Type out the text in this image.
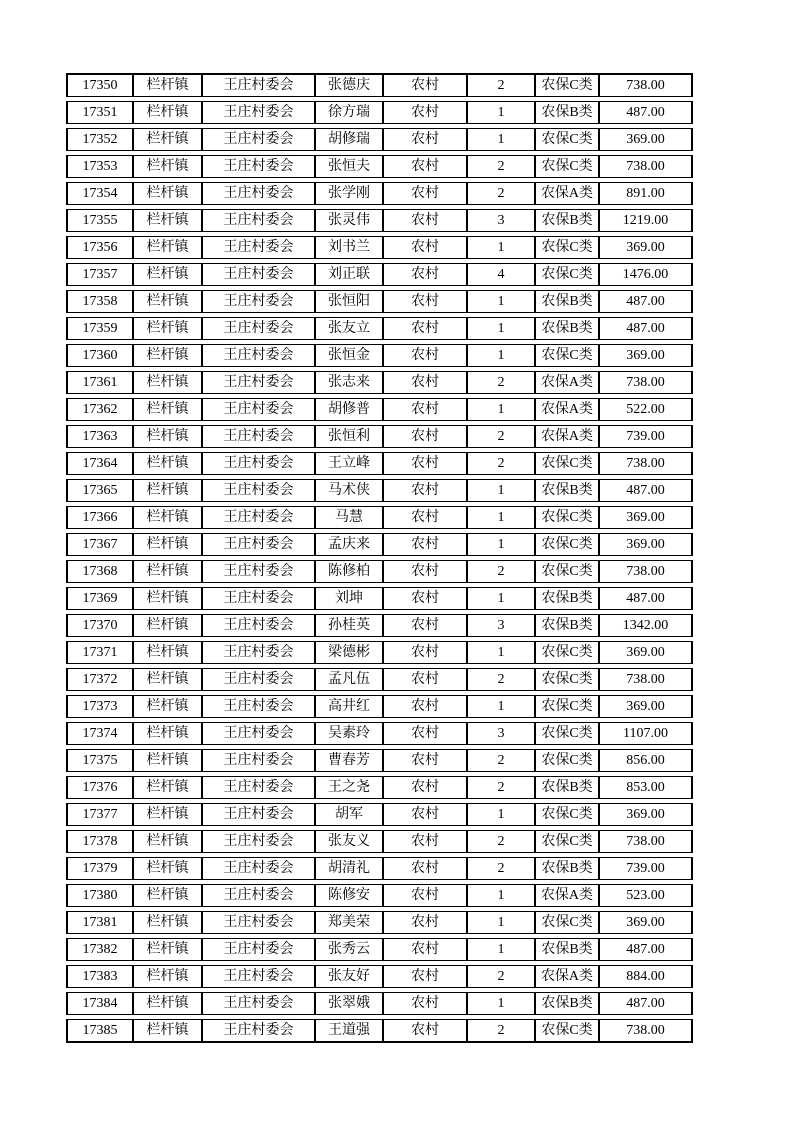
17350	栏杆镇	王庄村委会	张德庆	农村	2	农保C类	738.00
17351	栏杆镇	王庄村委会	徐方瑞	农村	1	农保B类	487.00
17352	栏杆镇	王庄村委会	胡修瑞	农村	1	农保C类	369.00
17353	栏杆镇	王庄村委会	张恒夫	农村	2	农保C类	738.00
17354	栏杆镇	王庄村委会	张学刚	农村	2	农保A类	891.00
17355	栏杆镇	王庄村委会	张灵伟	农村	3	农保B类	1219.00
17356	栏杆镇	王庄村委会	刘书兰	农村	1	农保C类	369.00
17357	栏杆镇	王庄村委会	刘正联	农村	4	农保C类	1476.00
17358	栏杆镇	王庄村委会	张恒阳	农村	1	农保B类	487.00
17359	栏杆镇	王庄村委会	张友立	农村	1	农保B类	487.00
17360	栏杆镇	王庄村委会	张恒金	农村	1	农保C类	369.00
17361	栏杆镇	王庄村委会	张志来	农村	2	农保A类	738.00
17362	栏杆镇	王庄村委会	胡修普	农村	1	农保A类	522.00
17363	栏杆镇	王庄村委会	张恒利	农村	2	农保A类	739.00
17364	栏杆镇	王庄村委会	王立峰	农村	2	农保C类	738.00
17365	栏杆镇	王庄村委会	马术侠	农村	1	农保B类	487.00
17366	栏杆镇	王庄村委会	马慧	农村	1	农保C类	369.00
17367	栏杆镇	王庄村委会	孟庆来	农村	1	农保C类	369.00
17368	栏杆镇	王庄村委会	陈修柏	农村	2	农保C类	738.00
17369	栏杆镇	王庄村委会	刘坤	农村	1	农保B类	487.00
17370	栏杆镇	王庄村委会	孙桂英	农村	3	农保B类	1342.00
17371	栏杆镇	王庄村委会	梁德彬	农村	1	农保C类	369.00
17372	栏杆镇	王庄村委会	孟凡伍	农村	2	农保C类	738.00
17373	栏杆镇	王庄村委会	高井红	农村	1	农保C类	369.00
17374	栏杆镇	王庄村委会	吴素玲	农村	3	农保C类	1107.00
17375	栏杆镇	王庄村委会	曹春芳	农村	2	农保C类	856.00
17376	栏杆镇	王庄村委会	王之尧	农村	2	农保B类	853.00
17377	栏杆镇	王庄村委会	胡军	农村	1	农保C类	369.00
17378	栏杆镇	王庄村委会	张友义	农村	2	农保C类	738.00
17379	栏杆镇	王庄村委会	胡清礼	农村	2	农保B类	739.00
17380	栏杆镇	王庄村委会	陈修安	农村	1	农保A类	523.00
17381	栏杆镇	王庄村委会	郑美荣	农村	1	农保C类	369.00
17382	栏杆镇	王庄村委会	张秀云	农村	1	农保B类	487.00
17383	栏杆镇	王庄村委会	张友好	农村	2	农保A类	884.00
17384	栏杆镇	王庄村委会	张翠娥	农村	1	农保B类	487.00
17385	栏杆镇	王庄村委会	王道强	农村	2	农保C类	738.00
